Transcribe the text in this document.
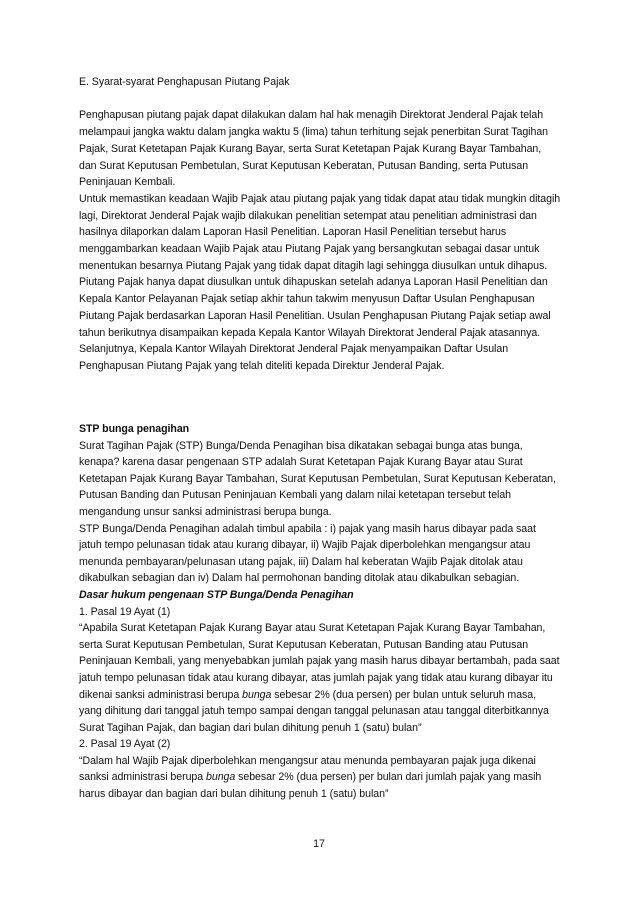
E. Syarat-syarat Penghapusan Piutang Pajak

Penghapusan piutang pajak dapat dilakukan dalam hal hak menagih Direktorat Jenderal Pajak telah melampaui jangka waktu dalam jangka waktu 5 (lima) tahun terhitung sejak penerbitan Surat Tagihan Pajak, Surat Ketetapan Pajak Kurang Bayar, serta Surat Ketetapan Pajak Kurang Bayar Tambahan, dan Surat Keputusan Pembetulan, Surat Keputusan Keberatan, Putusan Banding, serta Putusan Peninjauan Kembali.

Untuk memastikan keadaan Wajib Pajak atau piutang pajak yang tidak dapat atau tidak mungkin ditagih lagi, Direktorat Jenderal Pajak wajib dilakukan penelitian setempat atau penelitian administrasi dan hasilnya dilaporkan dalam Laporan Hasil Penelitian. Laporan Hasil Penelitian tersebut harus menggambarkan keadaan Wajib Pajak atau Piutang Pajak yang bersangkutan sebagai dasar untuk menentukan besarnya Piutang Pajak yang tidak dapat ditagih lagi sehingga diusulkan untuk dihapus.

Piutang Pajak hanya dapat diusulkan untuk dihapuskan setelah adanya Laporan Hasil Penelitian dan Kepala Kantor Pelayanan Pajak setiap akhir tahun takwim menyusun Daftar Usulan Penghapusan Piutang Pajak berdasarkan Laporan Hasil Penelitian. Usulan Penghapusan Piutang Pajak setiap awal tahun berikutnya disampaikan kepada Kepala Kantor Wilayah Direktorat Jenderal Pajak atasannya. Selanjutnya, Kepala Kantor Wilayah Direktorat Jenderal Pajak menyampaikan Daftar Usulan Penghapusan Piutang Pajak yang telah diteliti kepada Direktur Jenderal Pajak.

STP bunga penagihan

Surat Tagihan Pajak (STP) Bunga/Denda Penagihan bisa dikatakan sebagai bunga atas bunga, kenapa? karena dasar pengenaan STP adalah Surat Ketetapan Pajak Kurang Bayar atau Surat Ketetapan Pajak Kurang Bayar Tambahan, Surat Keputusan Pembetulan, Surat Keputusan Keberatan, Putusan Banding dan Putusan Peninjauan Kembali yang dalam nilai ketetapan tersebut telah mengandung unsur sanksi administrasi berupa bunga.

STP Bunga/Denda Penagihan adalah timbul apabila : i) pajak yang masih harus dibayar pada saat jatuh tempo pelunasan tidak atau kurang dibayar, ii) Wajib Pajak diperbolehkan mengangsur atau menunda pembayaran/pelunasan utang pajak, iii) Dalam hal keberatan Wajib Pajak ditolak atau dikabulkan sebagian dan iv) Dalam hal permohonan banding ditolak atau dikabulkan sebagian.

Dasar hukum pengenaan STP Bunga/Denda Penagihan

1. Pasal 19 Ayat (1)

“Apabila Surat Ketetapan Pajak Kurang Bayar atau Surat Ketetapan Pajak Kurang Bayar Tambahan, serta Surat Keputusan Pembetulan, Surat Keputusan Keberatan, Putusan Banding atau Putusan Peninjauan Kembali, yang menyebabkan jumlah pajak yang masih harus dibayar bertambah, pada saat jatuh tempo pelunasan tidak atau kurang dibayar, atas jumlah pajak yang tidak atau kurang dibayar itu dikenai sanksi administrasi berupa bunga sebesar 2% (dua persen) per bulan untuk seluruh masa, yang dihitung dari tanggal jatuh tempo sampai dengan tanggal pelunasan atau tanggal diterbitkannya Surat Tagihan Pajak, dan bagian dari bulan dihitung penuh 1 (satu) bulan”

2. Pasal 19 Ayat (2)

“Dalam hal Wajib Pajak diperbolehkan mengangsur atau menunda pembayaran pajak juga dikenai sanksi administrasi berupa bunga sebesar 2% (dua persen) per bulan dari jumlah pajak yang masih harus dibayar dan bagian dari bulan dihitung penuh 1 (satu) bulan”

17
